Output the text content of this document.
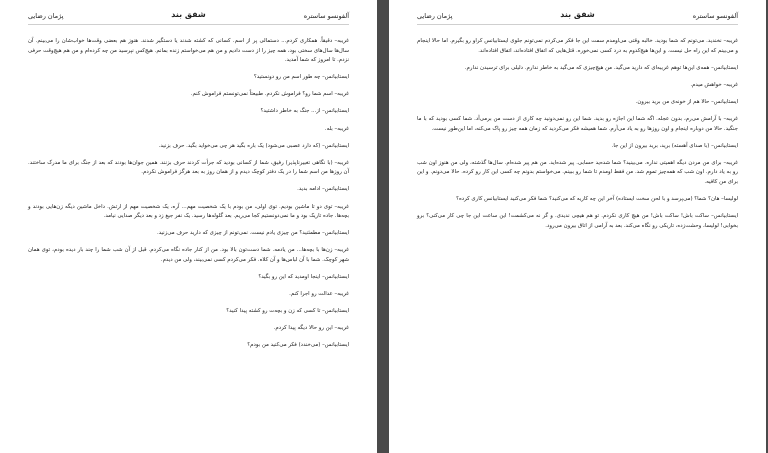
پژمان رضایی	شفق بند	آلفونسو ساستره

غریبه– دقیقاً. همکاری کردم... دستمالی پر از اسم. کسانی که کشته شدند یا دستگیر شدند. هنوز هم بعضی وقت‌ها خواب‌شان را می‌بینم. آن سال‌ها سال‌های سختی بود، همه چیز را از دست دادیم و من هم می‌خواستم زنده بمانم. هیچ‌کس نپرسید من چه کرده‌ام و من هم هیچ‌وقت حرفی نزدم. تا امروز که شما آمدید.

ایستابیانس– چه طور اسم من رو دونستید؟

غریبه– اسم شما رو؟ فراموش نکردم. طبیعتاً نمی‌تونستم فراموش کنم.

ایستابیانس– از... جنگ به خاطر داشتید؟

غریبه– بله.

ایستابیانس– (که دارد عصبی می‌شود) یک باره بگید هر چی می‌خواید بگید. حرف بزنید.

غریبه– (با نگاهی تغییرناپذیر) رفیق، شما از کسانی بودید که جرأت کردند حرف بزنند. همین جوان‌ها بودند که بعد از جنگ برای ما مدرک ساختند. آن روزها من اسم شما را در یک دفتر کوچک دیدم و از همان روز به بعد هرگز فراموش نکردم.

ایستابیانس– ادامه بدید.

غریبه– توی دو تا ماشین بودیم. توی اولی، من بودم با یک شخصیت مهم... آره، یک شخصیت مهم از ارتش. داخل ماشین دیگه زن‌هایی بودند و بچه‌ها. جاده تاریک بود و ما نمی‌دونستیم کجا می‌ریم. بعد گلوله‌ها رسید. یک نفر جیغ زد و بعد دیگر صدایی نیامد.

ایستابیانس– مطمئنید؟ من چیزی یادم نیست. نمی‌تونم از چیزی که دارید حرف می‌زنید.

غریبه– زن‌ها با بچه‌ها... من یادمه. شما دست‌تون بالا بود. من از کنار جاده نگاه می‌کردم. قبل از آن شب شما را چند بار دیده بودم، توی همان شهر کوچک. شما با آن لباس‌ها و آن کلاه. فکر می‌کردم کسی نمی‌بیند، ولی من دیدم.

ایستابیانس– اینجا اومدید که این رو بگید؟

غریبه– عدالت رو اجرا کنم.

ایستابیانس– تا کسی که زن و بچه‌ت رو کشته پیدا کنید؟

غریبه– این رو حالا دیگه پیدا کردم.

ایستابیانس– (می‌خندد) فکر می‌کنید من بودم؟

پژمان رضایی	شفق بند	آلفونسو ساستره

غریبه– نخندید. می‌تونم که شما بودید. خالبه وقتی می‌اومدم سمت این جا فکر می‌کردم نمی‌تونم جلوی ایستابیانس کراو رو بگیرم. اما حالا اینجام و می‌بینم که این راه حل نیست. و این‌ها هیچ‌کدوم به درد کسی نمی‌خوره. قتل‌هایی که اتفاق افتاده‌اند، اتفاق افتاده‌اند.

ایستابیانس– همه‌ی این‌ها توهم غریبه‌ای که دارید می‌گید. من هیچ‌چیزی که می‌گید به خاطر ندارم. دلیلی برای ترسیدن ندارم.

غریبه– خواهش‌ میدم.

ایستابیانس– حالا هم از خونه‌ی من برید بیرون.

غریبه– با آرامش می‌رم، بدون عجله. اگه شما این اجازه رو بدید. شما این رو نمی‌دونید چه کاری از دست من برمی‌آد. شما کسی بودید که با ما جنگید. حالا من دوباره اینجام و اون روزها رو به یاد می‌آرم. شما همیشه فکر می‌کردید که زمان همه چیز رو پاک می‌کنه، اما این‌طور نیست.

ایستابیانس– (با صدای آهسته) برید، برید بیرون از این جا.

غریبه– برای من مردن دیگه اهمیتی نداره. می‌بینید؟ شما شده‌ید حسابی. پیر شده‌اید. من هم پیر شده‌ام. سال‌ها گذشته، ولی من هنوز اون شب رو به یاد دارم. اون شب که همه‌چیز تموم شد. من فقط اومدم تا شما رو ببینم. می‌خواستم بدونم چه کسی این کار رو کرده. حالا می‌دونم. و این برای من کافیه.

لولیسا– هان؟ شما؟ (می‌پرسد و با لحن سخت ایستاده) آخر این چه کاریه که می‌کنید؟ شما فکر می‌کنید ایستابیانس کاری کرده؟

ایستابیانس– ساکت باش! ساکت باش! من هیچ کاری نکردم. تو هم هیچی ندیدی. و گر نه می‌کشمت! این ساعت این جا چی کار می‌کنی؟ برو بخوابی! لولیسا، وحشت‌زده، تاریکی رو نگاه می‌کند. بعد به آرامی از اتاق بیرون می‌رود.
